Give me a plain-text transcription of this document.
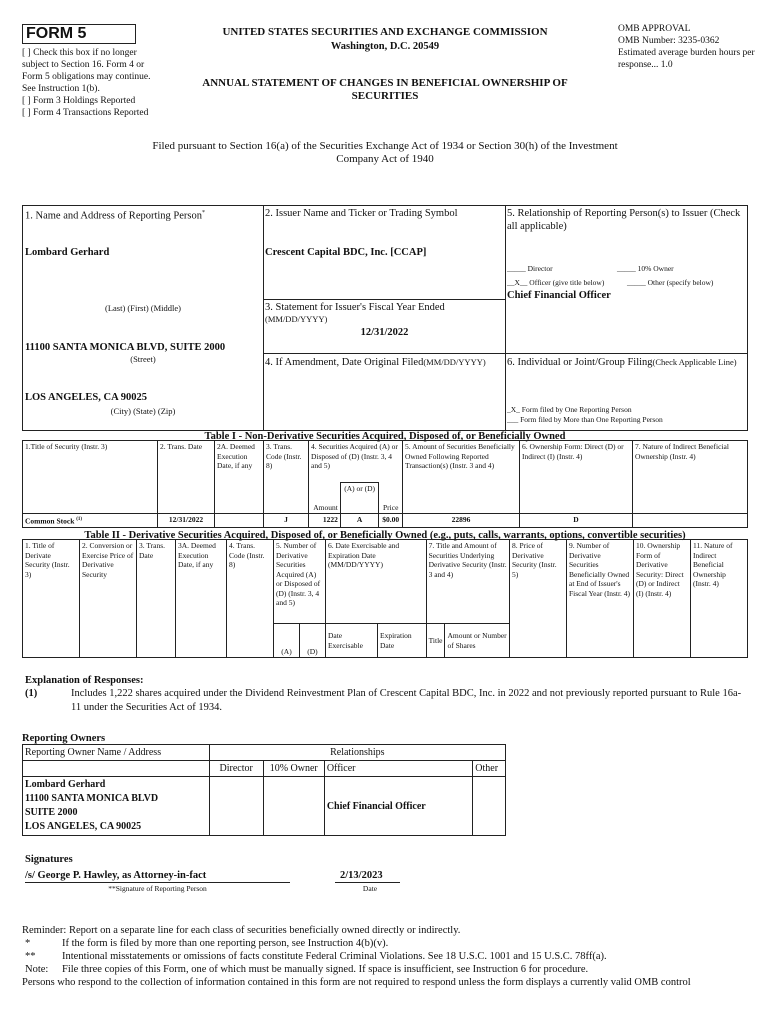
FORM 5
[ ] Check this box if no longer subject to Section 16. Form 4 or Form 5 obligations may continue. See Instruction 1(b).
[ ] Form 3 Holdings Reported
[ ] Form 4 Transactions Reported
UNITED STATES SECURITIES AND EXCHANGE COMMISSION
Washington, D.C. 20549
ANNUAL STATEMENT OF CHANGES IN BENEFICIAL OWNERSHIP OF SECURITIES
OMB APPROVAL
OMB Number: 3235-0362
Estimated average burden hours per response... 1.0
Filed pursuant to Section 16(a) of the Securities Exchange Act of 1934 or Section 30(h) of the Investment Company Act of 1940
1. Name and Address of Reporting Person*
Lombard Gerhard
(Last) (First) (Middle)
11100 SANTA MONICA BLVD, SUITE 2000
(Street)
LOS ANGELES, CA 90025
(City) (State) (Zip)
2. Issuer Name and Ticker or Trading Symbol
Crescent Capital BDC, Inc. [CCAP]
3. Statement for Issuer's Fiscal Year Ended
(MM/DD/YYYY)
12/31/2022
4. If Amendment, Date Original Filed(MM/DD/YYYY)
5. Relationship of Reporting Person(s) to Issuer (Check all applicable)
_____ Director	_____ 10% Owner
__X__ Officer (give title below)	_____ Other (specify below)
Chief Financial Officer
6. Individual or Joint/Group Filing(Check Applicable Line)
_X_ Form filed by One Reporting Person
___ Form filed by More than One Reporting Person
Table I - Non-Derivative Securities Acquired, Disposed of, or Beneficially Owned
1.Title of Security (Instr. 3)	2. Trans. Date	2A. Deemed Execution Date, if any	3. Trans. Code (Instr. 8)	4. Securities Acquired (A) or Disposed of (D) (Instr. 3, 4 and 5)			5. Amount of Securities Beneficially Owned Following Reported Transaction(s) (Instr. 3 and 4)	6. Ownership Form: Direct (D) or Indirect (I) (Instr. 4)	7. Nature of Indirect Beneficial Ownership (Instr. 4)
				Amount	(A) or (D)	Price			
Common Stock $^{(1)}$	12/31/2022		J	1222	A	$0.00	22896	D	
Table II - Derivative Securities Acquired, Disposed of, or Beneficially Owned (e.g., puts, calls, warrants, options, convertible securities)
1. Title of Derivate Security (Instr. 3)	2. Conversion or Exercise Price of Derivative Security	3. Trans. Date	3A. Deemed Execution Date, if any	4. Trans. Code (Instr. 8)	5. Number of Derivative Securities Acquired (A) or Disposed of (D) (Instr. 3, 4 and 5)		6. Date Exercisable and Expiration Date (MM/DD/YYYY)		7. Title and Amount of Securities Underlying Derivative Security (Instr. 3 and 4)		8. Price of Derivative Security (Instr. 5)	9. Number of Derivative Securities Beneficially Owned at End of Issuer's Fiscal Year (Instr. 4)	10. Ownership Form of Derivative Security: Direct (D) or Indirect (I) (Instr. 4)	11. Nature of Indirect Beneficial Ownership (Instr. 4)
					(A)	(D)	Date Exercisable	Expiration Date	Title	Amount or Number of Shares				
Explanation of Responses:
(1)	Includes 1,222 shares acquired under the Dividend Reinvestment Plan of Crescent Capital BDC, Inc. in 2022 and not previously reported pursuant to Rule 16a-11 under the Securities Act of 1934.
Reporting Owners
Reporting Owner Name / Address	Relationships			
	Director	10% Owner	Officer	Other

Lombard Gerhard
11100 SANTA MONICA BLVD
SUITE 2000
LOS ANGELES, CA 90025			Chief Financial Officer	
Signatures
/s/ George P. Hawley, as Attorney-in-fact	2/13/2023
**Signature of Reporting Person	Date
Reminder: Report on a separate line for each class of securities beneficially owned directly or indirectly.
*	If the form is filed by more than one reporting person, see Instruction 4(b)(v).
**	Intentional misstatements or omissions of facts constitute Federal Criminal Violations. See 18 U.S.C. 1001 and 15 U.S.C. 78ff(a).
Note: File three copies of this Form, one of which must be manually signed. If space is insufficient, see Instruction 6 for procedure.
Persons who respond to the collection of information contained in this form are not required to respond unless the form displays a currently valid OMB control
